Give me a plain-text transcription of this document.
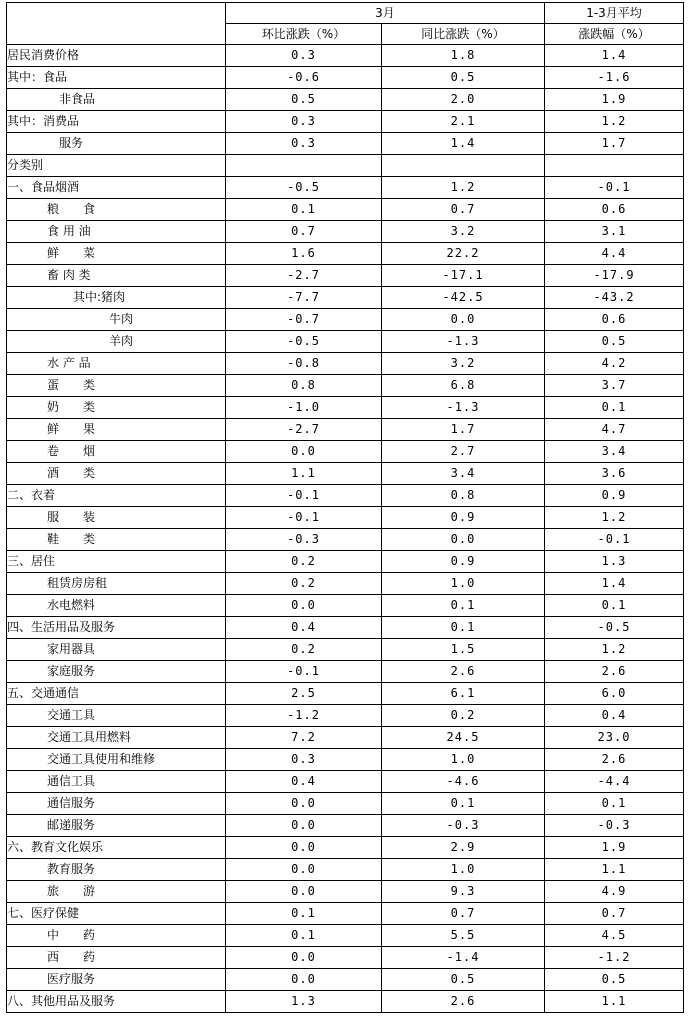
	3月		1-3月平均
	环比涨跌（%）	同比涨跌（%）	涨跌幅（%）
居民消费价格	0.3	1.8	1.4
其中：食品	-0.6	0.5	-1.6
非食品	0.5	2.0	1.9
其中：消费品	0.3	2.1	1.2
服务	0.3	1.4	1.7
分类别			
一、食品烟酒	-0.5	1.2	-0.1
粮　　食	0.1	0.7	0.6
食 用 油	0.7	3.2	3.1
鲜　　菜	1.6	22.2	4.4
畜 肉 类	-2.7	-17.1	-17.9
其中:猪肉	-7.7	-42.5	-43.2
牛肉	-0.7	0.0	0.6
羊肉	-0.5	-1.3	0.5
水 产 品	-0.8	3.2	4.2
蛋　　类	0.8	6.8	3.7
奶　　类	-1.0	-1.3	0.1
鲜　　果	-2.7	1.7	4.7
卷　　烟	0.0	2.7	3.4
酒　　类	1.1	3.4	3.6
二、衣着	-0.1	0.8	0.9
服　　装	-0.1	0.9	1.2
鞋　　类	-0.3	0.0	-0.1
三、居住	0.2	0.9	1.3
租赁房房租	0.2	1.0	1.4
水电燃料	0.0	0.1	0.1
四、生活用品及服务	0.4	0.1	-0.5
家用器具	0.2	1.5	1.2
家庭服务	-0.1	2.6	2.6
五、交通通信	2.5	6.1	6.0
交通工具	-1.2	0.2	0.4
交通工具用燃料	7.2	24.5	23.0
交通工具使用和维修	0.3	1.0	2.6
通信工具	0.4	-4.6	-4.4
通信服务	0.0	0.1	0.1
邮递服务	0.0	-0.3	-0.3
六、教育文化娱乐	0.0	2.9	1.9
教育服务	0.0	1.0	1.1
旅　　游	0.0	9.3	4.9
七、医疗保健	0.1	0.7	0.7
中　　药	0.1	5.5	4.5
西　　药	0.0	-1.4	-1.2
医疗服务	0.0	0.5	0.5
八、其他用品及服务	1.3	2.6	1.1
